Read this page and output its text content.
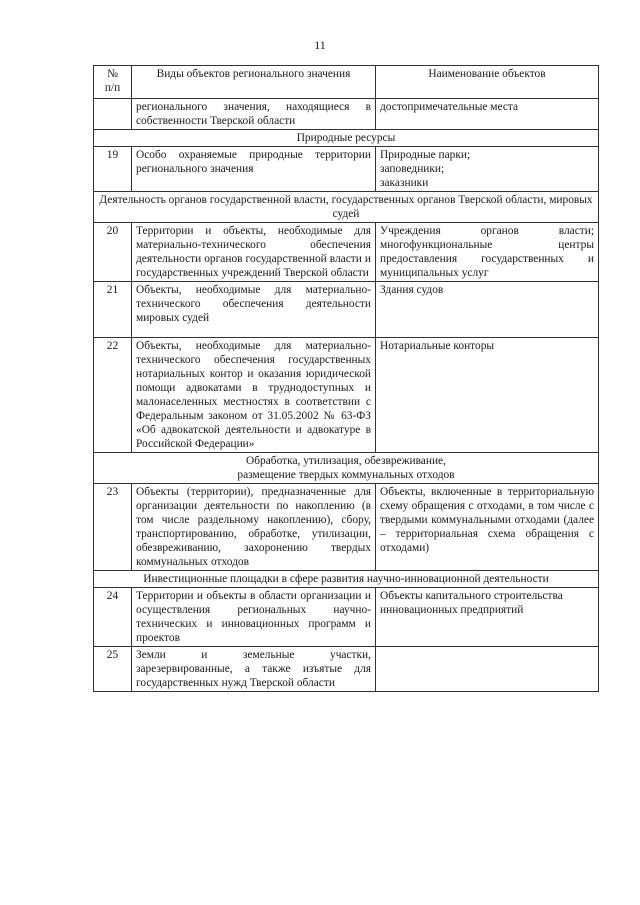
11
№
п/п	Виды объектов регионального значения	Наименование объектов
	регионального значения, находящиеся в собственности Тверской области	достопримечательные места
Природные ресурсы		
19	Особо охраняемые природные территории регионального значения	Природные парки;
заповедники;
заказники
Деятельность органов государственной власти, государственных органов Тверской области, мировых судей		
20	Территории и объекты, необходимые для материально-технического обеспечения деятельности органов государственной власти и государственных учреждений Тверской области	Учреждения органов власти; многофункциональные центры предоставления государственных и муниципальных услуг
21	Объекты, необходимые для материально-технического обеспечения деятельности мировых судей	Здания судов
22	Объекты, необходимые для материально-технического обеспечения государственных нотариальных контор и оказания юридической помощи адвокатами в труднодоступных и малонаселенных местностях в соответствии с Федеральным законом от 31.05.2002 № 63-ФЗ «Об адвокатской деятельности и адвокатуре в Российской Федерации»	Нотариальные конторы
Обработка, утилизация, обезвреживание,
размещение твердых коммунальных отходов		
23	Объекты (территории), предназначенные для организации деятельности по накоплению (в том числе раздельному накоплению), сбору, транспортированию, обработке, утилизации, обезвреживанию, захоронению твердых коммунальных отходов	Объекты, включенные в территориальную схему обращения с отходами, в том числе с твердыми коммунальными отходами (далее – территориальная схема обращения с отходами)
Инвестиционные площадки в сфере развития научно-инновационной деятельности		
24	Территории и объекты в области организации и осуществления региональных научно-технических и инновационных программ и проектов	Объекты капитального строительства инновационных предприятий
25	Земли и земельные участки, зарезервированные, а также изъятые для государственных нужд Тверской области	
